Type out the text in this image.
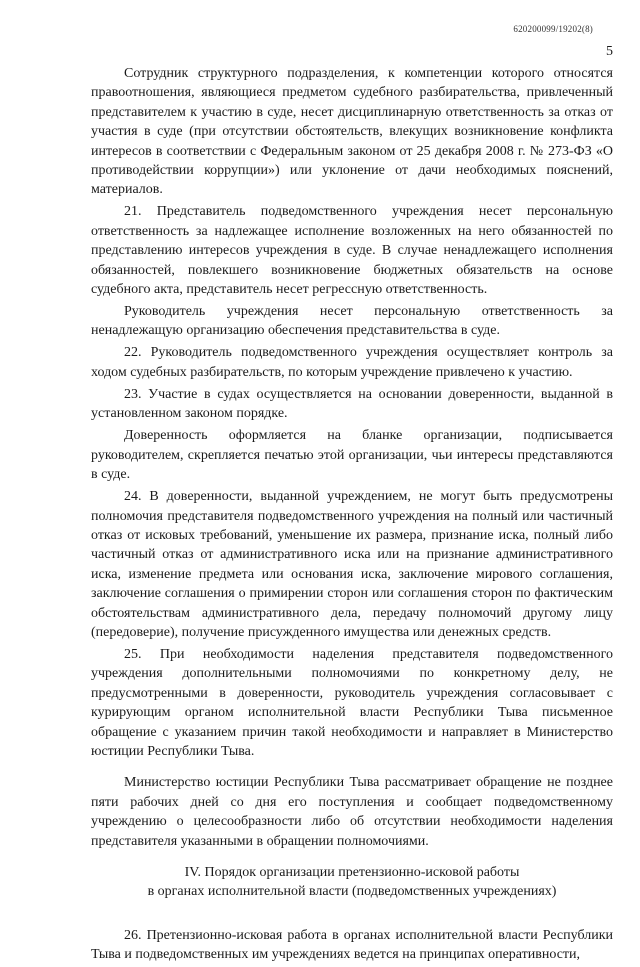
620200099/19202(8)
5

Сотрудник структурного подразделения, к компетенции которого относятся правоотношения, являющиеся предметом судебного разбирательства, привлеченный представителем к участию в суде, несет дисциплинарную ответственность за отказ от участия в суде (при отсутствии обстоятельств, влекущих возникновение конфликта интересов в соответствии с Федеральным законом от 25 декабря 2008 г. № 273-ФЗ «О противодействии коррупции») или уклонение от дачи необходимых пояснений, материалов.

21. Представитель подведомственного учреждения несет персональную ответственность за надлежащее исполнение возложенных на него обязанностей по представлению интересов учреждения в суде. В случае ненадлежащего исполнения обязанностей, повлекшего возникновение бюджетных обязательств на основе судебного акта, представитель несет регрессную ответственность.

Руководитель учреждения несет персональную ответственность за ненадлежащую организацию обеспечения представительства в суде.

22. Руководитель подведомственного учреждения осуществляет контроль за ходом судебных разбирательств, по которым учреждение привлечено к участию.

23. Участие в судах осуществляется на основании доверенности, выданной в установленном законом порядке.

Доверенность оформляется на бланке организации, подписывается руководителем, скрепляется печатью этой организации, чьи интересы представляются в суде.

24. В доверенности, выданной учреждением, не могут быть предусмотрены полномочия представителя подведомственного учреждения на полный или частичный отказ от исковых требований, уменьшение их размера, признание иска, полный либо частичный отказ от административного иска или на признание административного иска, изменение предмета или основания иска, заключение мирового соглашения, заключение соглашения о примирении сторон или соглашения сторон по фактическим обстоятельствам административного дела, передачу полномочий другому лицу (передоверие), получение присужденного имущества или денежных средств.

25. При необходимости наделения представителя подведомственного учреждения дополнительными полномочиями по конкретному делу, не предусмотренными в доверенности, руководитель учреждения согласовывает с курирующим органом исполнительной власти Республики Тыва письменное обращение с указанием причин такой необходимости и направляет в Министерство юстиции Республики Тыва.

Министерство юстиции Республики Тыва рассматривает обращение не позднее пяти рабочих дней со дня его поступления и сообщает подведомственному учреждению о целесообразности либо об отсутствии необходимости наделения представителя указанными в обращении полномочиями.

IV. Порядок организации претензионно-исковой работы
в органах исполнительной власти (подведомственных учреждениях)

26. Претензионно-исковая работа в органах исполнительной власти Республики Тыва и подведомственных им учреждениях ведется на принципах оперативности,
